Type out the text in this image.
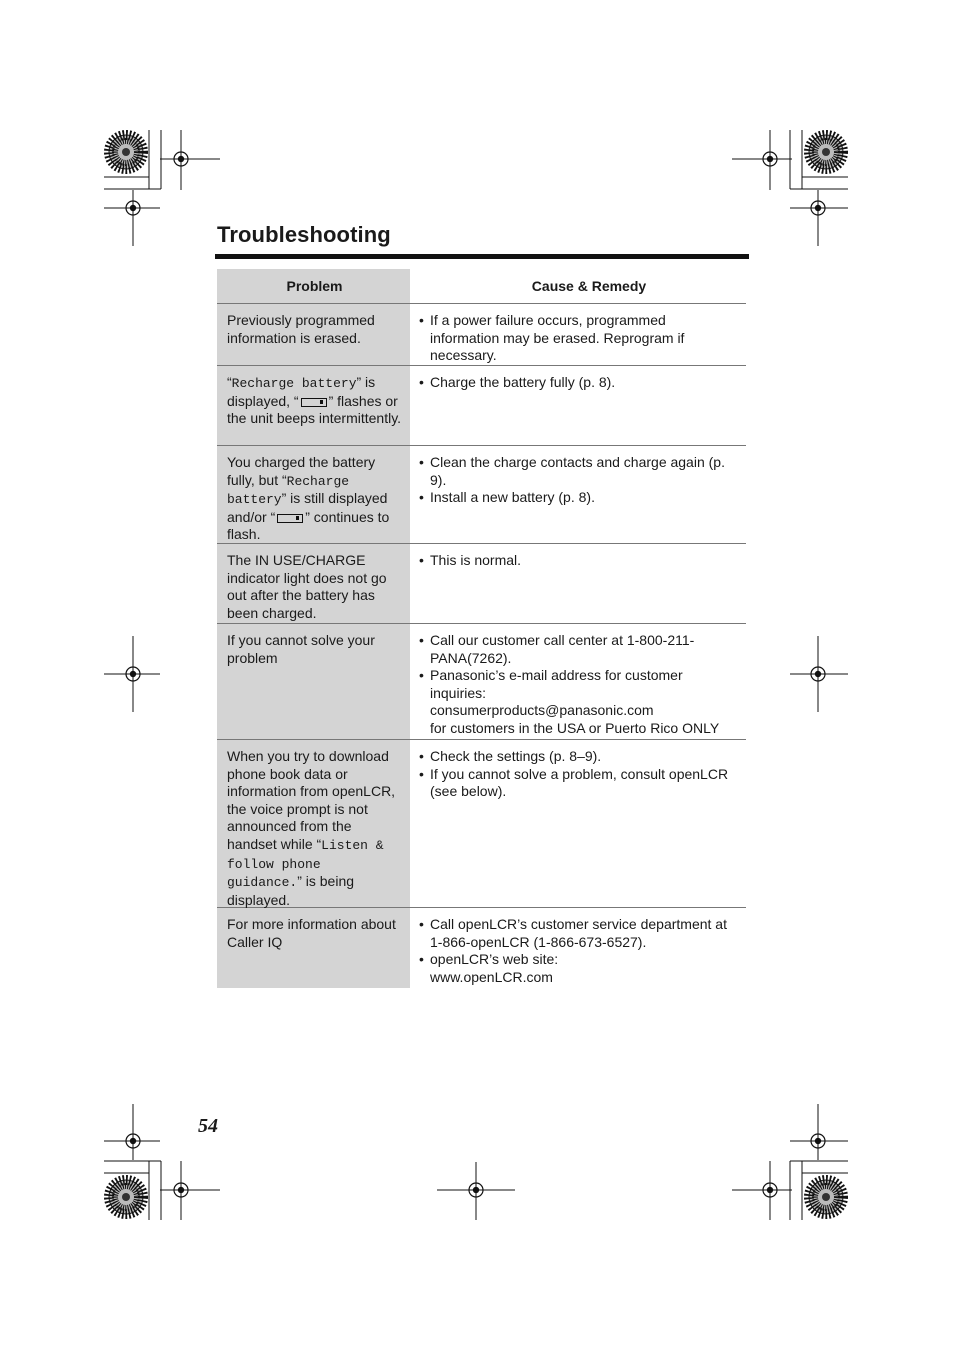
Troubleshooting
Problem	Cause & Remedy
Previously programmed information is erased.
• If a power failure occurs, programmed information may be erased. Reprogram if necessary.
“Recharge battery” is displayed, “ ” flashes or the unit beeps intermittently.
• Charge the battery fully (p. 8).
You charged the battery fully, but “Recharge battery” is still displayed and/or “ ” continues to flash.
• Clean the charge contacts and charge again (p. 9).
• Install a new battery (p. 8).
The IN USE/CHARGE indicator light does not go out after the battery has been charged.
• This is normal.
If you cannot solve your problem
• Call our customer call center at 1-800-211-PANA(7262).
• Panasonic’s e-mail address for customer inquiries:
consumerproducts@panasonic.com
for customers in the USA or Puerto Rico ONLY
When you try to download phone book data or information from openLCR, the voice prompt is not announced from the handset while “Listen & follow phone guidance.” is being displayed.
• Check the settings (p. 8–9).
• If you cannot solve a problem, consult openLCR (see below).
For more information about Caller IQ
• Call openLCR’s customer service department at 1-866-openLCR (1-866-673-6527).
• openLCR’s web site:
www.openLCR.com
54
